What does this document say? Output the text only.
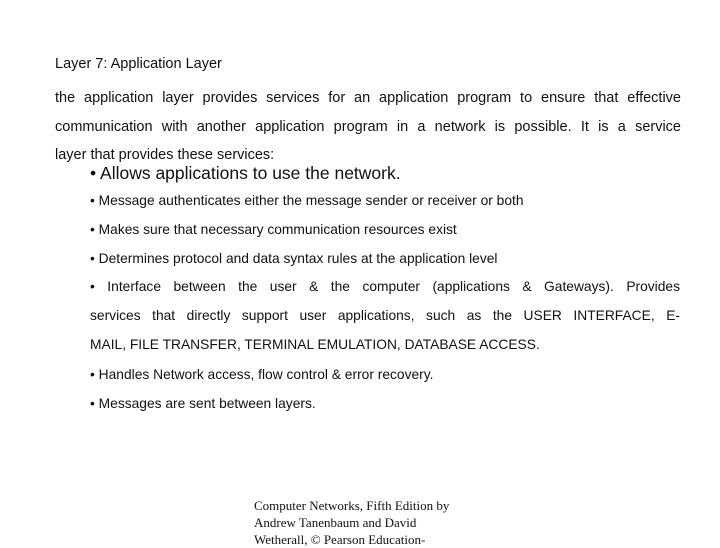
Layer 7: Application Layer
the application layer provides services for an application program to ensure that effective
communication with another application program in a network is possible. It is a service
layer that provides these services:
• Allows applications to use the network.
• Message authenticates either the message sender or receiver or both
• Makes sure that necessary communication resources exist
• Determines protocol and data syntax rules at the application level
• Interface between the user & the computer (applications & Gateways). Provides
services that directly support user applications, such as the USER INTERFACE, E-
MAIL, FILE TRANSFER, TERMINAL EMULATION, DATABASE ACCESS.
• Handles Network access, flow control & error recovery.
• Messages are sent between layers.
Computer Networks, Fifth Edition by
Andrew Tanenbaum and David
Wetherall, © Pearson Education-
